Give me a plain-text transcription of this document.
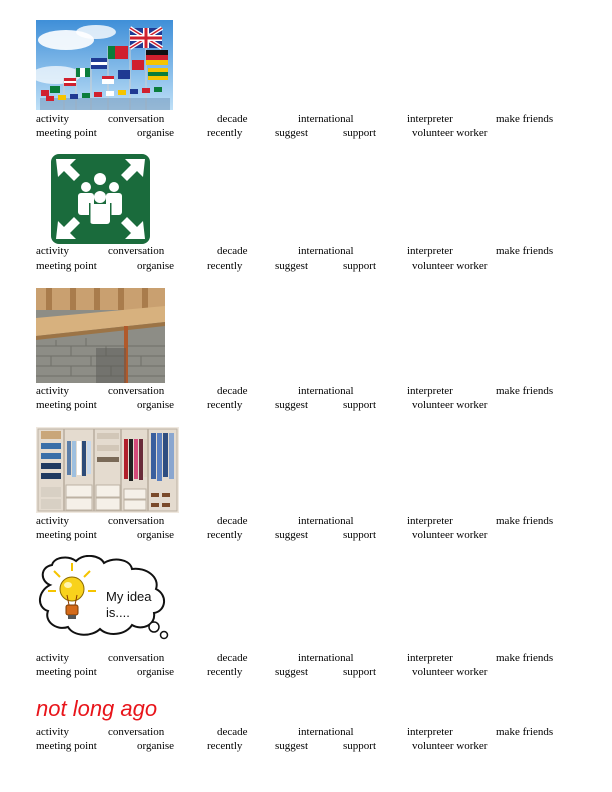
activity	conversation	decade	international	interpreter	make friends
meeting point	organise	recently	suggest	support	volunteer worker
activity	conversation	decade	international	interpreter	make friends
meeting point	organise	recently	suggest	support	volunteer worker
activity	conversation	decade	international	interpreter	make friends
meeting point	organise	recently	suggest	support	volunteer worker
activity	conversation	decade	international	interpreter	make friends
meeting point	organise	recently	suggest	support	volunteer worker
My idea
is....
activity	conversation	decade	international	interpreter	make friends
meeting point	organise	recently	suggest	support	volunteer worker
not long ago
activity	conversation	decade	international	interpreter	make friends
meeting point	organise	recently	suggest	support	volunteer worker
